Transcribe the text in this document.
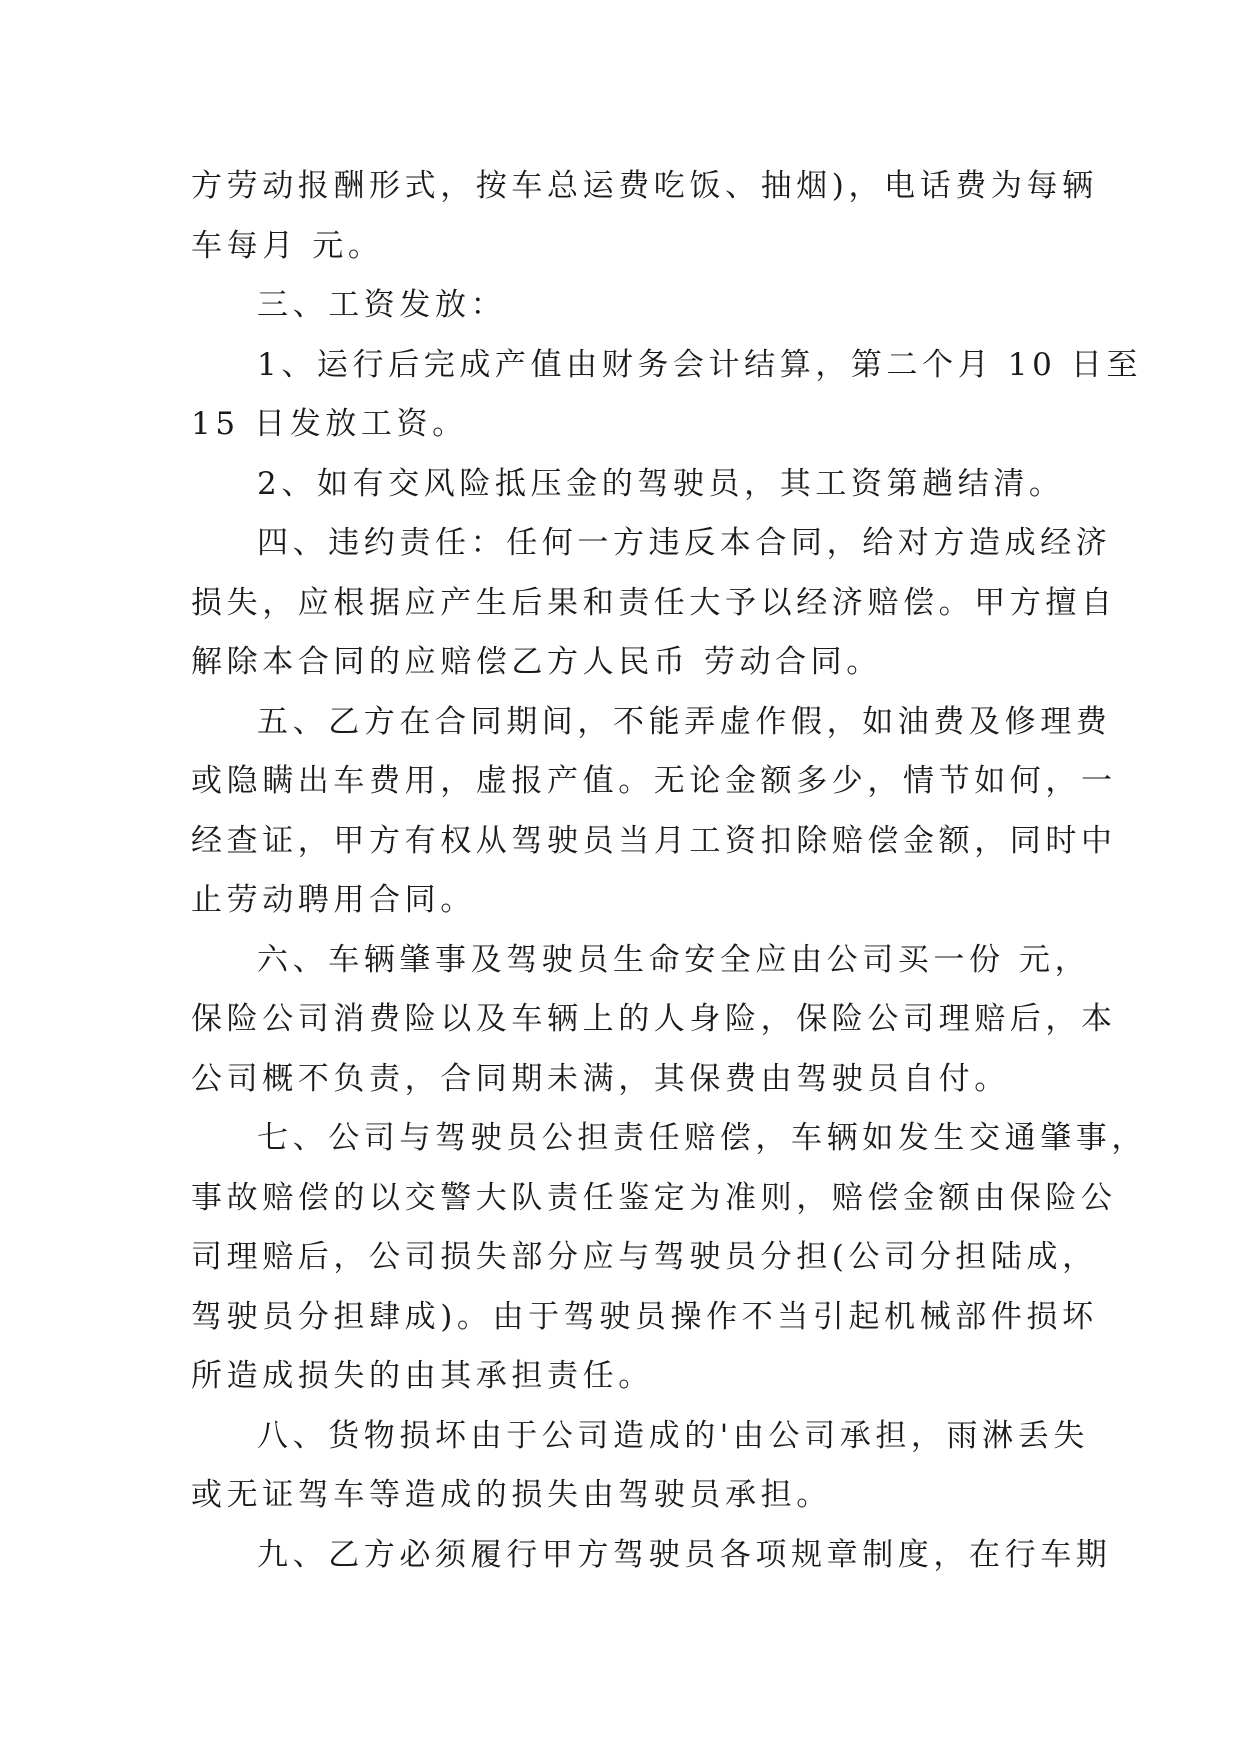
方劳动报酬形式，按车总运费吃饭、抽烟)，电话费为每辆
车每月 元。
三、工资发放：
1、运行后完成产值由财务会计结算，第二个月 10 日至
15 日发放工资。
2、如有交风险抵压金的驾驶员，其工资第趟结清。
四、违约责任：任何一方违反本合同，给对方造成经济
损失，应根据应产生后果和责任大予以经济赔偿。甲方擅自
解除本合同的应赔偿乙方人民币 劳动合同。
五、乙方在合同期间，不能弄虚作假，如油费及修理费
或隐瞒出车费用，虚报产值。无论金额多少，情节如何，一
经查证，甲方有权从驾驶员当月工资扣除赔偿金额，同时中
止劳动聘用合同。
六、车辆肇事及驾驶员生命安全应由公司买一份 元，
保险公司消费险以及车辆上的人身险，保险公司理赔后，本
公司概不负责，合同期未满，其保费由驾驶员自付。
七、公司与驾驶员公担责任赔偿，车辆如发生交通肇事，
事故赔偿的以交警大队责任鉴定为准则，赔偿金额由保险公
司理赔后，公司损失部分应与驾驶员分担(公司分担陆成，
驾驶员分担肆成)。由于驾驶员操作不当引起机械部件损坏
所造成损失的由其承担责任。
八、货物损坏由于公司造成的'由公司承担，雨淋丢失
或无证驾车等造成的损失由驾驶员承担。
九、乙方必须履行甲方驾驶员各项规章制度，在行车期
